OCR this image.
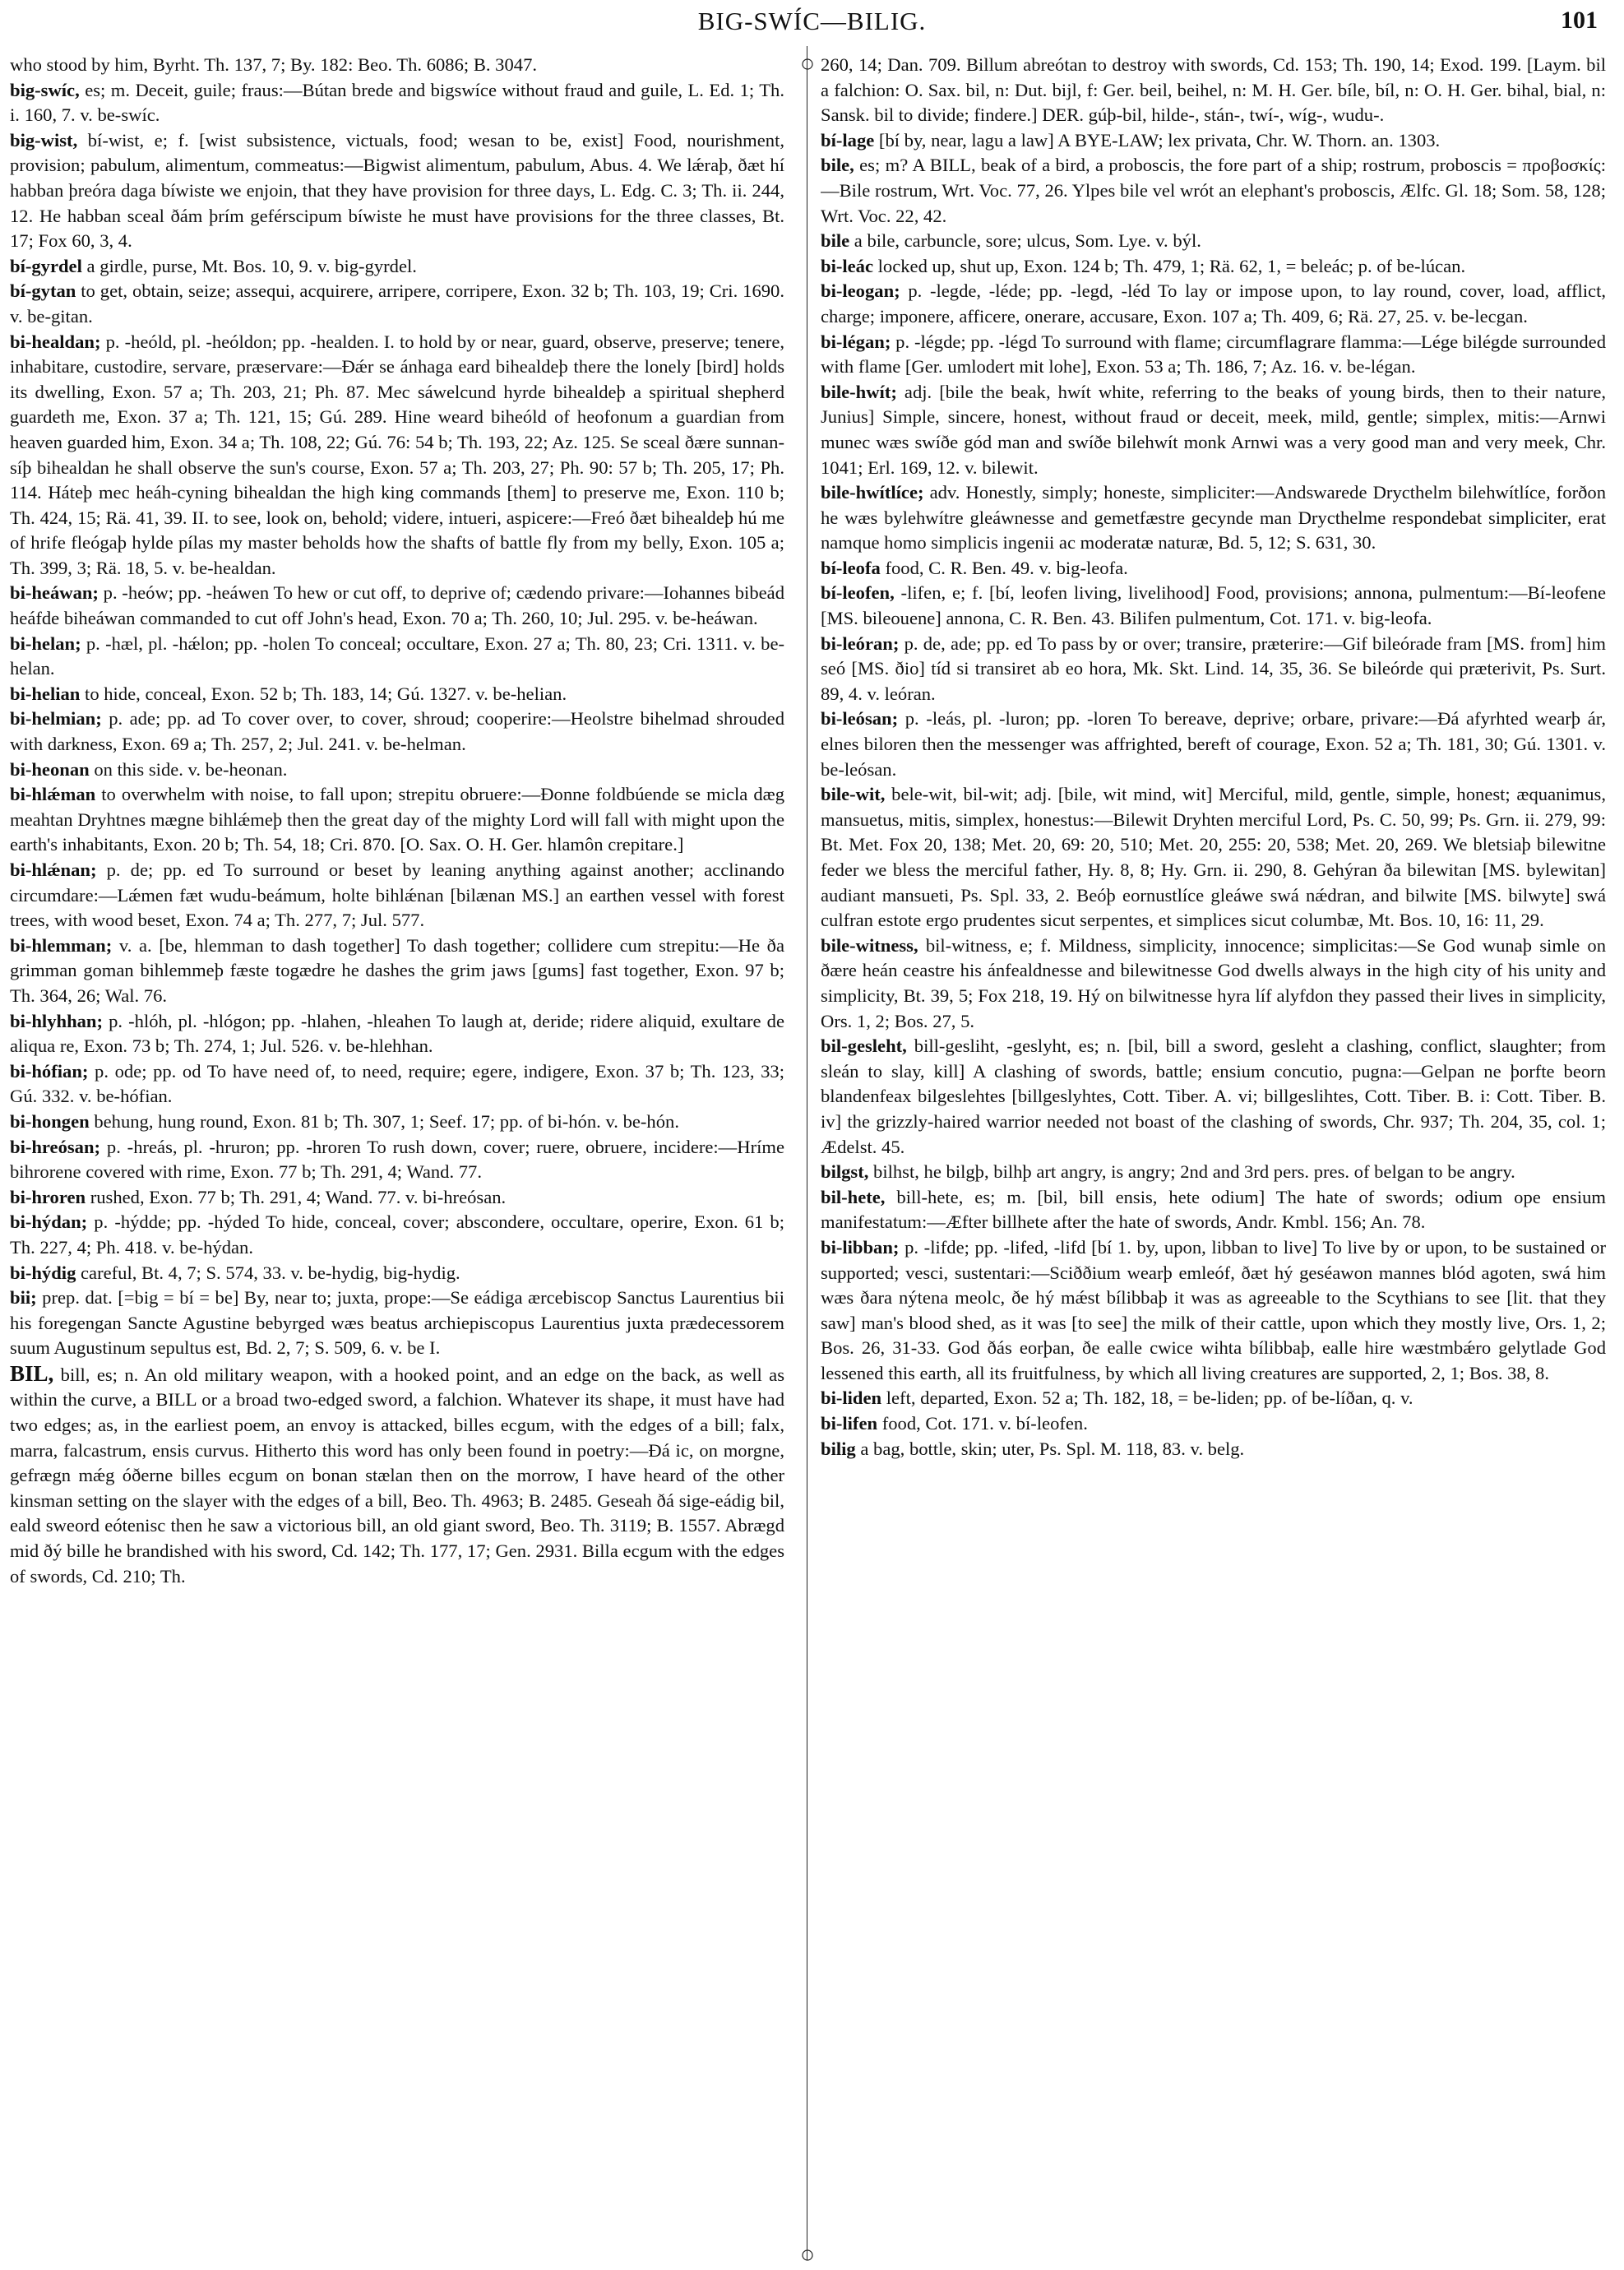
BIG-SWÍC—BILIG.	101

who stood by him, Byrht. Th. 137, 7; By. 182: Beo. Th. 6086; B. 3047.

big-swíc, es; m. Deceit, guile; fraus:—Bútan brede and bigswíce without fraud and guile, L. Ed. 1; Th. i. 160, 7. v. be-swíc.

big-wist, bí-wist, e; f. [wist subsistence, victuals, food; wesan to be, exist] Food, nourishment, provision; pabulum, alimentum, commeatus:—Bigwist alimentum, pabulum, Abus. 4. We lǽraþ, ðæt hí habban þreóra daga bíwiste we enjoin, that they have provision for three days, L. Edg. C. 3; Th. ii. 244, 12. He habban sceal ðám þrím geférscipum bíwiste he must have provisions for the three classes, Bt. 17; Fox 60, 3, 4.

bí-gyrdel a girdle, purse, Mt. Bos. 10, 9. v. big-gyrdel.

bí-gytan to get, obtain, seize; assequi, acquirere, arripere, corripere, Exon. 32 b; Th. 103, 19; Cri. 1690. v. be-gitan.

bi-healdan; p. -heóld, pl. -heóldon; pp. -healden. I. to hold by or near, guard, observe, preserve; tenere, inhabitare, custodire, servare, præservare:—Ðǽr se ánhaga eard bihealdeþ there the lonely [bird] holds its dwelling, Exon. 57 a; Th. 203, 21; Ph. 87. Mec sáwelcund hyrde bihealdeþ a spiritual shepherd guardeth me, Exon. 37 a; Th. 121, 15; Gú. 289. Hine weard biheóld of heofonum a guardian from heaven guarded him, Exon. 34 a; Th. 108, 22; Gú. 76: 54 b; Th. 193, 22; Az. 125. Se sceal ðære sunnan-síþ bihealdan he shall observe the sun's course, Exon. 57 a; Th. 203, 27; Ph. 90: 57 b; Th. 205, 17; Ph. 114. Háteþ mec heáh-cyning bihealdan the high king commands [them] to preserve me, Exon. 110 b; Th. 424, 15; Rä. 41, 39. II. to see, look on, behold; videre, intueri, aspicere:—Freó ðæt bihealdeþ hú me of hrife fleógaþ hylde pílas my master beholds how the shafts of battle fly from my belly, Exon. 105 a; Th. 399, 3; Rä. 18, 5. v. be-healdan.

bi-heáwan; p. -heów; pp. -heáwen To hew or cut off, to deprive of; cædendo privare:—Iohannes bibeád heáfde biheáwan commanded to cut off John's head, Exon. 70 a; Th. 260, 10; Jul. 295. v. be-heáwan.

bi-helan; p. -hæl, pl. -hǽlon; pp. -holen To conceal; occultare, Exon. 27 a; Th. 80, 23; Cri. 1311. v. be-helan.

bi-helian to hide, conceal, Exon. 52 b; Th. 183, 14; Gú. 1327. v. be-helian.

bi-helmian; p. ade; pp. ad To cover over, to cover, shroud; cooperire:—Heolstre bihelmad shrouded with darkness, Exon. 69 a; Th. 257, 2; Jul. 241. v. be-helman.

bi-heonan on this side. v. be-heonan.

bi-hlǽman to overwhelm with noise, to fall upon; strepitu obruere:—Ðonne foldbúende se micla dæg meahtan Dryhtnes mægne bihlǽmeþ then the great day of the mighty Lord will fall with might upon the earth's inhabitants, Exon. 20 b; Th. 54, 18; Cri. 870. [O. Sax. O. H. Ger. hlamôn crepitare.]

bi-hlǽnan; p. de; pp. ed To surround or beset by leaning anything against another; acclinando circumdare:—Lǽmen fæt wudu-beámum, holte bihlǽnan [bilænan MS.] an earthen vessel with forest trees, with wood beset, Exon. 74 a; Th. 277, 7; Jul. 577.

bi-hlemman; v. a. [be, hlemman to dash together] To dash together; collidere cum strepitu:—He ða grimman goman bihlemmeþ fæste togædre he dashes the grim jaws [gums] fast together, Exon. 97 b; Th. 364, 26; Wal. 76.

bi-hlyhhan; p. -hlóh, pl. -hlógon; pp. -hlahen, -hleahen To laugh at, deride; ridere aliquid, exultare de aliqua re, Exon. 73 b; Th. 274, 1; Jul. 526. v. be-hlehhan.

bi-hófian; p. ode; pp. od To have need of, to need, require; egere, indigere, Exon. 37 b; Th. 123, 33; Gú. 332. v. be-hófian.

bi-hongen behung, hung round, Exon. 81 b; Th. 307, 1; Seef. 17; pp. of bi-hón. v. be-hón.

bi-hreósan; p. -hreás, pl. -hruron; pp. -hroren To rush down, cover; ruere, obruere, incidere:—Hríme bihrorene covered with rime, Exon. 77 b; Th. 291, 4; Wand. 77.

bi-hroren rushed, Exon. 77 b; Th. 291, 4; Wand. 77. v. bi-hreósan.

bi-hýdan; p. -hýdde; pp. -hýded To hide, conceal, cover; abscondere, occultare, operire, Exon. 61 b; Th. 227, 4; Ph. 418. v. be-hýdan.

bi-hýdig careful, Bt. 4, 7; S. 574, 33. v. be-hydig, big-hydig.

bii; prep. dat. [=big = bí = be] By, near to; juxta, prope:—Se eádiga ærcebiscop Sanctus Laurentius bii his foregengan Sancte Agustine bebyrged wæs beatus archiepiscopus Laurentius juxta prædecessorem suum Augustinum sepultus est, Bd. 2, 7; S. 509, 6. v. be I.

BIL, bill, es; n. An old military weapon, with a hooked point, and an edge on the back, as well as within the curve, a BILL or a broad two-edged sword, a falchion. Whatever its shape, it must have had two edges; as, in the earliest poem, an envoy is attacked, billes ecgum, with the edges of a bill; falx, marra, falcastrum, ensis curvus. Hitherto this word has only been found in poetry:—Ðá ic, on morgne, gefrægn mǽg óðerne billes ecgum on bonan stælan then on the morrow, I have heard of the other kinsman setting on the slayer with the edges of a bill, Beo. Th. 4963; B. 2485. Geseah ðá sige-eádig bil, eald sweord eótenisc then he saw a victorious bill, an old giant sword, Beo. Th. 3119; B. 1557. Abrægd mid ðý bille he brandished with his sword, Cd. 142; Th. 177, 17; Gen. 2931. Billa ecgum with the edges of swords, Cd. 210; Th.

260, 14; Dan. 709. Billum abreótan to destroy with swords, Cd. 153; Th. 190, 14; Exod. 199. [Laym. bil a falchion: O. Sax. bil, n: Dut. bijl, f: Ger. beil, beihel, n: M. H. Ger. bíle, bíl, n: O. H. Ger. bihal, bial, n: Sansk. bil to divide; findere.] DER. gúþ-bil, hilde-, stán-, twí-, wíg-, wudu-.

bí-lage [bí by, near, lagu a law] A BYE-LAW; lex privata, Chr. W. Thorn. an. 1303.

bile, es; m? A BILL, beak of a bird, a proboscis, the fore part of a ship; rostrum, proboscis = προβοσκίς:—Bile rostrum, Wrt. Voc. 77, 26. Ylpes bile vel wrót an elephant's proboscis, Ælfc. Gl. 18; Som. 58, 128; Wrt. Voc. 22, 42.

bile a bile, carbuncle, sore; ulcus, Som. Lye. v. býl.

bi-leác locked up, shut up, Exon. 124 b; Th. 479, 1; Rä. 62, 1, = beleác; p. of be-lúcan.

bi-leogan; p. -legde, -léde; pp. -legd, -léd To lay or impose upon, to lay round, cover, load, afflict, charge; imponere, afficere, onerare, accusare, Exon. 107 a; Th. 409, 6; Rä. 27, 25. v. be-lecgan.

bi-légan; p. -légde; pp. -légd To surround with flame; circumflagrare flamma:—Lége bilégde surrounded with flame [Ger. umlodert mit lohe], Exon. 53 a; Th. 186, 7; Az. 16. v. be-légan.

bile-hwít; adj. [bile the beak, hwít white, referring to the beaks of young birds, then to their nature, Junius] Simple, sincere, honest, without fraud or deceit, meek, mild, gentle; simplex, mitis:—Arnwi munec wæs swíðe gód man and swíðe bilehwít monk Arnwi was a very good man and very meek, Chr. 1041; Erl. 169, 12. v. bilewit.

bile-hwítlíce; adv. Honestly, simply; honeste, simpliciter:—Andswarede Drycthelm bilehwítlíce, forðon he wæs bylehwítre gleáwnesse and gemetfæstre gecynde man Drycthelme respondebat simpliciter, erat namque homo simplicis ingenii ac moderatæ naturæ, Bd. 5, 12; S. 631, 30.

bí-leofa food, C. R. Ben. 49. v. big-leofa.

bí-leofen, -lifen, e; f. [bí, leofen living, livelihood] Food, provisions; annona, pulmentum:—Bí-leofene [MS. bileouene] annona, C. R. Ben. 43. Bilifen pulmentum, Cot. 171. v. big-leofa.

bi-leóran; p. de, ade; pp. ed To pass by or over; transire, præterire:—Gif bileórade fram [MS. from] him seó [MS. ðio] tíd si transiret ab eo hora, Mk. Skt. Lind. 14, 35, 36. Se bileórde qui præterivit, Ps. Surt. 89, 4. v. leóran.

bi-leósan; p. -leás, pl. -luron; pp. -loren To bereave, deprive; orbare, privare:—Ðá afyrhted wearþ ár, elnes biloren then the messenger was affrighted, bereft of courage, Exon. 52 a; Th. 181, 30; Gú. 1301. v. be-leósan.

bile-wit, bele-wit, bil-wit; adj. [bile, wit mind, wit] Merciful, mild, gentle, simple, honest; æquanimus, mansuetus, mitis, simplex, honestus:—Bilewit Dryhten merciful Lord, Ps. C. 50, 99; Ps. Grn. ii. 279, 99: Bt. Met. Fox 20, 138; Met. 20, 69: 20, 510; Met. 20, 255: 20, 538; Met. 20, 269. We bletsiaþ bilewitne feder we bless the merciful father, Hy. 8, 8; Hy. Grn. ii. 290, 8. Gehýran ða bilewitan [MS. bylewitan] audiant mansueti, Ps. Spl. 33, 2. Beóþ eornustlíce gleáwe swá nǽdran, and bilwite [MS. bilwyte] swá culfran estote ergo prudentes sicut serpentes, et simplices sicut columbæ, Mt. Bos. 10, 16: 11, 29.

bile-witness, bil-witness, e; f. Mildness, simplicity, innocence; simplicitas:—Se God wunaþ simle on ðære heán ceastre his ánfealdnesse and bilewitnesse God dwells always in the high city of his unity and simplicity, Bt. 39, 5; Fox 218, 19. Hý on bilwitnesse hyra líf alyfdon they passed their lives in simplicity, Ors. 1, 2; Bos. 27, 5.

bil-gesleht, bill-gesliht, -geslyht, es; n. [bil, bill a sword, gesleht a clashing, conflict, slaughter; from sleán to slay, kill] A clashing of swords, battle; ensium concutio, pugna:—Gelpan ne þorfte beorn blandenfeax bilgeslehtes [billgeslyhtes, Cott. Tiber. A. vi; billgeslihtes, Cott. Tiber. B. i: Cott. Tiber. B. iv] the grizzly-haired warrior needed not boast of the clashing of swords, Chr. 937; Th. 204, 35, col. 1; Ædelst. 45.

bilgst, bilhst, he bilgþ, bilhþ art angry, is angry; 2nd and 3rd pers. pres. of belgan to be angry.

bil-hete, bill-hete, es; m. [bil, bill ensis, hete odium] The hate of swords; odium ope ensium manifestatum:—Æfter billhete after the hate of swords, Andr. Kmbl. 156; An. 78.

bi-libban; p. -lifde; pp. -lifed, -lifd [bí 1. by, upon, libban to live] To live by or upon, to be sustained or supported; vesci, sustentari:—Sciððium wearþ emleóf, ðæt hý geséawon mannes blód agoten, swá him wæs ðara nýtena meolc, ðe hý mǽst bílibbaþ it was as agreeable to the Scythians to see [lit. that they saw] man's blood shed, as it was [to see] the milk of their cattle, upon which they mostly live, Ors. 1, 2; Bos. 26, 31-33. God ðás eorþan, ðe ealle cwice wihta bílibbaþ, ealle hire wæstmbǽro gelytlade God lessened this earth, all its fruitfulness, by which all living creatures are supported, 2, 1; Bos. 38, 8.

bi-liden left, departed, Exon. 52 a; Th. 182, 18, = be-liden; pp. of be-líðan, q. v.

bi-lifen food, Cot. 171. v. bí-leofen.

bilig a bag, bottle, skin; uter, Ps. Spl. M. 118, 83. v. belg.
